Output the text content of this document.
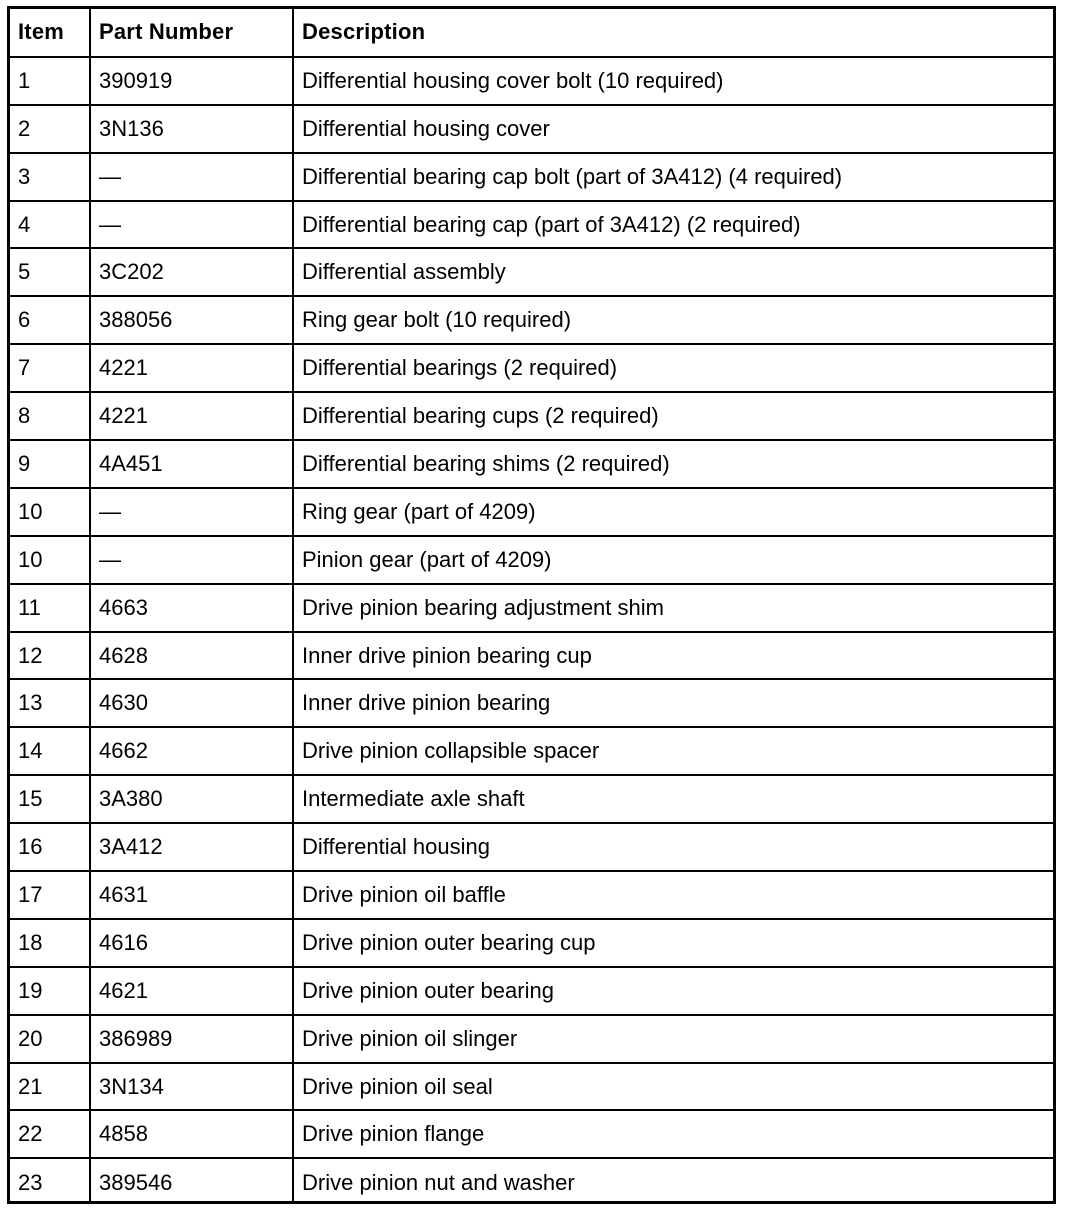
Item	Part Number	Description
1	390919	Differential housing cover bolt (10 required)
2	3N136	Differential housing cover
3	—	Differential bearing cap bolt (part of 3A412) (4 required)
4	—	Differential bearing cap (part of 3A412) (2 required)
5	3C202	Differential assembly
6	388056	Ring gear bolt (10 required)
7	4221	Differential bearings (2 required)
8	4221	Differential bearing cups (2 required)
9	4A451	Differential bearing shims (2 required)
10	—	Ring gear (part of 4209)
10	—	Pinion gear (part of 4209)
11	4663	Drive pinion bearing adjustment shim
12	4628	Inner drive pinion bearing cup
13	4630	Inner drive pinion bearing
14	4662	Drive pinion collapsible spacer
15	3A380	Intermediate axle shaft
16	3A412	Differential housing
17	4631	Drive pinion oil baffle
18	4616	Drive pinion outer bearing cup
19	4621	Drive pinion outer bearing
20	386989	Drive pinion oil slinger
21	3N134	Drive pinion oil seal
22	4858	Drive pinion flange
23	389546	Drive pinion nut and washer
